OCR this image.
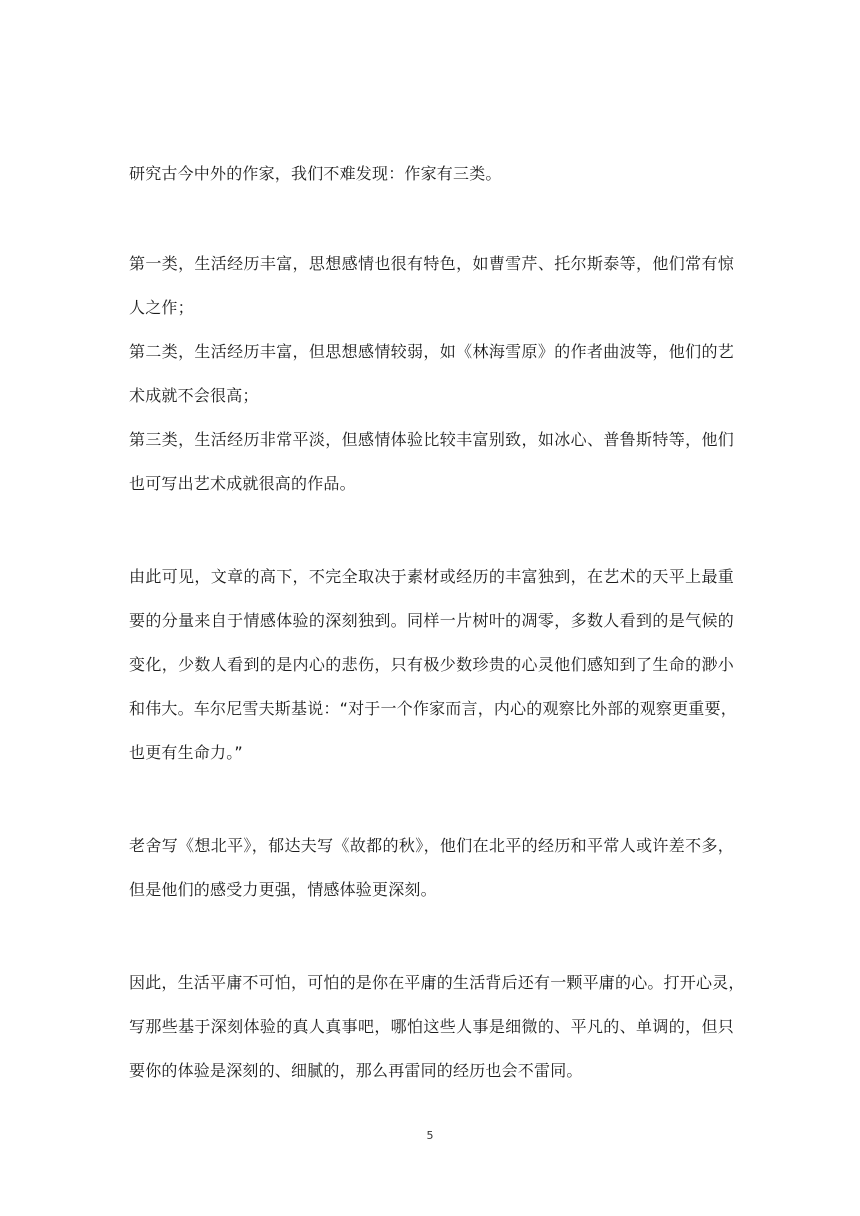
研究古今中外的作家，我们不难发现：作家有三类。
第一类，生活经历丰富，思想感情也很有特色，如曹雪芹、托尔斯泰等，他们常有惊
人之作；
第二类，生活经历丰富，但思想感情较弱，如《林海雪原》的作者曲波等，他们的艺
术成就不会很高；
第三类，生活经历非常平淡，但感情体验比较丰富别致，如冰心、普鲁斯特等，他们
也可写出艺术成就很高的作品。
由此可见，文章的高下，不完全取决于素材或经历的丰富独到，在艺术的天平上最重
要的分量来自于情感体验的深刻独到。同样一片树叶的凋零，多数人看到的是气候的
变化，少数人看到的是内心的悲伤，只有极少数珍贵的心灵他们感知到了生命的渺小
和伟大。车尔尼雪夫斯基说：“对于一个作家而言，内心的观察比外部的观察更重要，
也更有生命力。”
老舍写《想北平》，郁达夫写《故都的秋》，他们在北平的经历和平常人或许差不多，
但是他们的感受力更强，情感体验更深刻。
因此，生活平庸不可怕，可怕的是你在平庸的生活背后还有一颗平庸的心。打开心灵，
写那些基于深刻体验的真人真事吧，哪怕这些人事是细微的、平凡的、单调的，但只
要你的体验是深刻的、细腻的，那么再雷同的经历也会不雷同。
5
